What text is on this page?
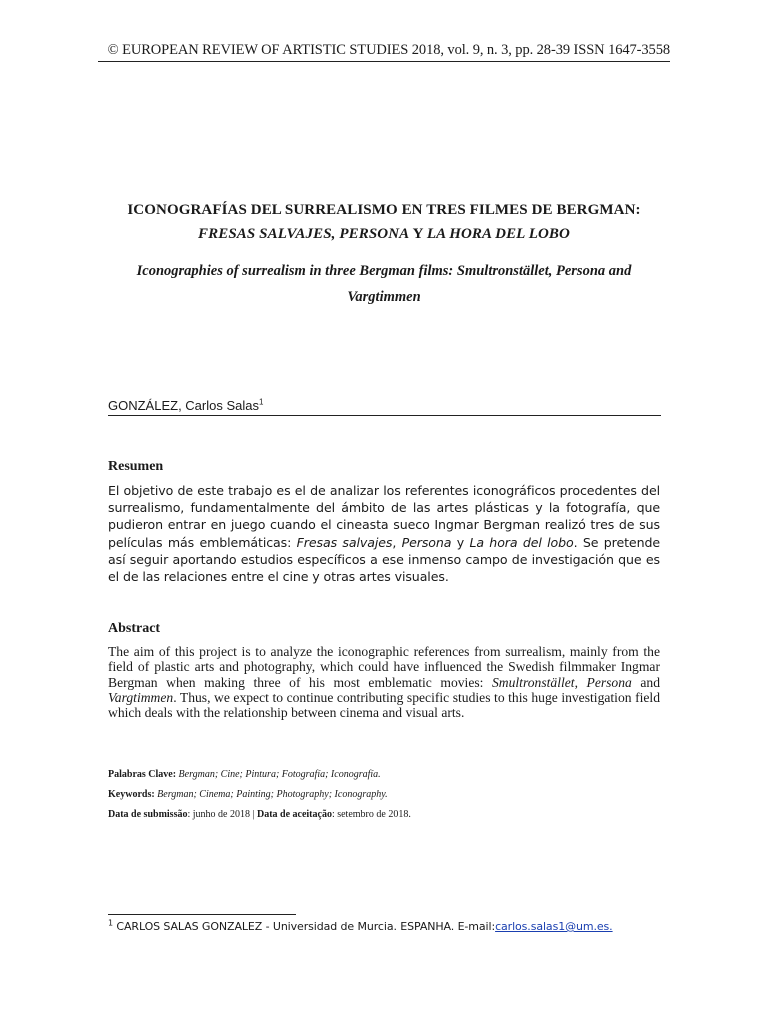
© EUROPEAN REVIEW OF ARTISTIC STUDIES 2018, vol. 9, n. 3, pp. 28-39 ISSN 1647-3558
ICONOGRAFÍAS DEL SURREALISMO EN TRES FILMES DE BERGMAN:
FRESAS SALVAJES, PERSONA Y LA HORA DEL LOBO
Iconographies of surrealism in three Bergman films: Smultronstället, Persona and Vargtimmen
GONZÁLEZ, Carlos Salas$^1$
Resumen
El objetivo de este trabajo es el de analizar los referentes iconográficos procedentes del surrealismo, fundamentalmente del ámbito de las artes plásticas y la fotografía, que pudieron entrar en juego cuando el cineasta sueco Ingmar Bergman realizó tres de sus películas más emblemáticas: Fresas salvajes, Persona y La hora del lobo. Se pretende así seguir aportando estudios específicos a ese inmenso campo de investigación que es el de las relaciones entre el cine y otras artes visuales.
Abstract
The aim of this project is to analyze the iconographic references from surrealism, mainly from the field of plastic arts and photography, which could have influenced the Swedish filmmaker Ingmar Bergman when making three of his most emblematic movies: Smultronstället, Persona and Vargtimmen. Thus, we expect to continue contributing specific studies to this huge investigation field which deals with the relationship between cinema and visual arts.
Palabras Clave: Bergman; Cine; Pintura; Fotografía; Iconografía.
Keywords: Bergman; Cinema; Painting; Photography; Iconography.
Data de submissão: junho de 2018 | Data de aceitação: setembro de 2018.
$^1$ CARLOS SALAS GONZALEZ - Universidad de Murcia. ESPANHA. E-mail:carlos.salas1@um.es.
